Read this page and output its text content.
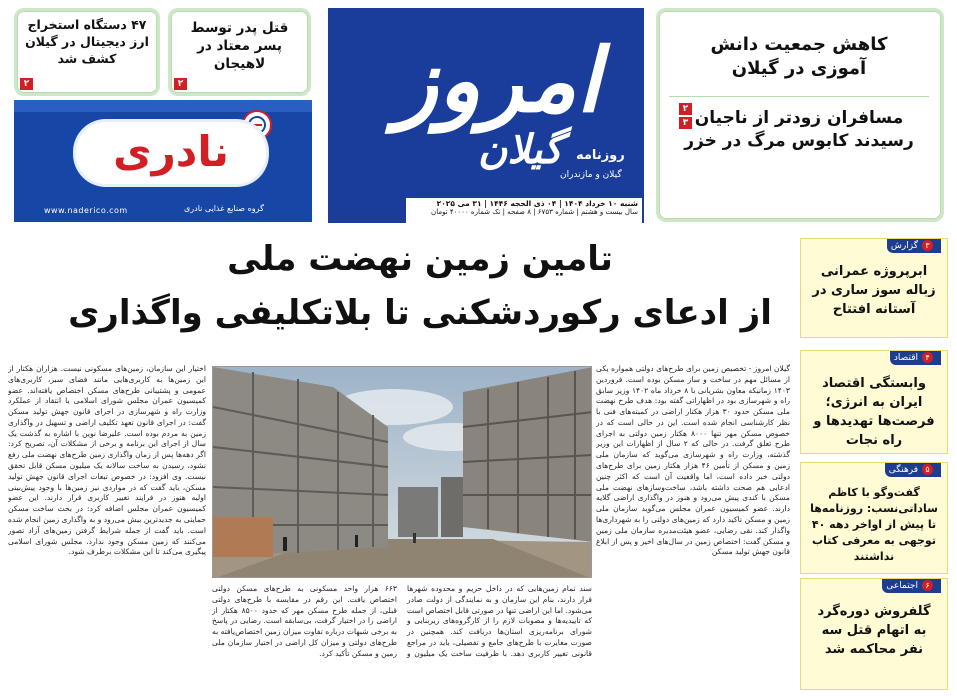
۴۷ دستگاه استخراج ارز دیجیتال در گیلان کشف شد
۲
قتل پدر توسط پسر معتاد در لاهیجان
۲
نادری
www.naderico.com	گروه صنایع غذایی نادری
امروز
گیلان روزنامه
گیلان و مازندران
شنبه ۱۰ خرداد ۱۴۰۴ | ۰۴ ذی الحجه ۱۴۴۶ | ۳۱ می ۲۰۲۵
سال بیست و هشتم | شماره ۶۷۵۳ | ۸ صفحه | تک شماره ۴۰۰۰۰ تومان
کاهش جمعیت دانش آموزی در گیلان
مسافران زودتر از ناجیان رسیدند کابوس مرگ در خزر
۲
۳
تامین زمین نهضت ملی
از ادعای رکوردشکنی تا بلاتکلیفی واگذاری
گیلان امروز - تخصیص زمین برای طرح‌های دولتی همواره یکی از مسائل مهم در ساخت و ساز مسکن بوده است. فروردین ۱۴۰۳ زمانیکه معاون بشریانی با ۸ خرداد ماه ۱۴۰۲ وزیر سابق راه و شهرسازی بود در اظهاراتی گفته بود: هدف طرح نهضت ملی مسکن حدود ۳۰ هزار هکتار اراضی در کمیته‌های فنی با نظر کارشناسی انجام شده است. این در حالی است که در خصوص مسکن مهر تنها ۸۰۰۰ هکتار زمین دولتی به اجرای طرح تعلق گرفت. در حالی که ۲ سال از اظهارات این وزیر گذشته، وزارت راه و شهرسازی می‌گوید که سازمان ملی زمین و مسکن از تأمین ۴۶ هزار هکتار زمین برای طرح‌های دولتی خبر داده است، اما واقعیت آن است که اکثر چنین ادعایی هم صحت داشته باشد، ساخت‌وسازهای نهضت ملی مسکن با کندی پیش می‌رود و هنوز در واگذاری اراضی گلایه دارند. عضو کمیسیون عمران مجلس می‌گوید سازمان ملی زمین و مسکن تاکید دارد که زمین‌های دولتی را به شهرداری‌ها واگذار کند. نقی رضایی، عضو هیئت‌مدیره سازمان ملی زمین و مسکن گفت: اختصاص زمین در سال‌های اخیر و پس از ابلاغ قانون جهش تولید مسکن
سند تمام زمین‌هایی که در داخل حریم و محدوده شهرها قرار دارند، بنام این سازمان و به نمایندگی از دولت صادر می‌شود. اما این اراضی تنها در صورتی قابل اختصاص است که تاییدیه‌ها و مصوبات لازم را از کارگروه‌های زیربنایی و شورای برنامه‌ریزی استان‌ها دریافت کند. همچنین در صورت مغایرت با طرح‌های جامع و تفصیلی، باید در مراجع قانونی تغییر کاربری دهد. با ظرفیت ساخت یک میلیون و ۶۶۳ هزار واحد مسکونی به طرح‌های مسکن دولتی اختصاص یافت. این رقم در مقایسه با طرح‌های دولتی قبلی، از جمله طرح مسکن مهر که حدود ۸۵۰۰ هکتار از اراضی را در اختیار گرفت، بی‌سابقه است. رضایی در پاسخ به برخی شبهات درباره تفاوت میزان زمین اختصاص‌یافته به طرح‌های دولتی و میزان کل اراضی در اختیار سازمان ملی زمین و مسکن تأکید کرد.
اختیار این سازمان، زمین‌های مسکونی نیست. هزاران هکتار از این زمین‌ها به کاربری‌هایی مانند فضای سبز، کاربری‌های عمومی و پشتیبانی طرح‌های مسکن اختصاص یافته‌اند. عضو کمیسیون عمران مجلس شورای اسلامی با انتقاد از عملکرد وزارت راه و شهرسازی در اجرای قانون جهش تولید مسکن گفت: در اجرای قانون تعهد تکلیف اراضی و تسهیل در واگذاری زمین به مردم بوده است. علیرضا نوین با اشاره به گذشت یک سال از اجرای این برنامه و برخی از مشکلات آن، تصریح کرد: اگر دهه‌ها پس از زمان واگذاری زمین طرح‌های نهضت ملی رفع نشود، رسیدن به ساخت سالانه یک میلیون مسکن قابل تحقق نیست. وی افزود: در خصوص تبعات اجرای قانون جهش تولید مسکن، باید گفت که در مواردی نیز زمین‌ها با وجود پیش‌بینی اولیه هنوز در فرایند تغییر کاربری قرار دارند. این عضو کمیسیون عمران مجلس اضافه کرد: در بحث ساخت مسکن حمایتی به جدیدترین بیش می‌رود و به واگذاری زمین انجام شده است. باید گفت از جمله شرایط گرفتن زمین‌های آزاد تصور می‌کنند که زمین مسکن وجود ندارد. مجلس شورای اسلامی پیگیری می‌کند تا این مشکلات برطرف شود.
۳گزارش
ابرپروژه عمرانی زباله سوز ساری در آستانه افتتاح
۴اقتصاد
وابستگی اقتصاد ایران به انرژی؛ فرصت‌ها تهدیدها و راه نجات
۵فرهنگی
گفت‌وگو با کاظم ساداتی‌نسب: روزنامه‌ها تا پیش از اواخر دهه ۴۰ توجهی به معرفی کتاب نداشتند
۶اجتماعی
گلفروش دوره‌گرد به اتهام قتل سه نفر محاکمه شد
